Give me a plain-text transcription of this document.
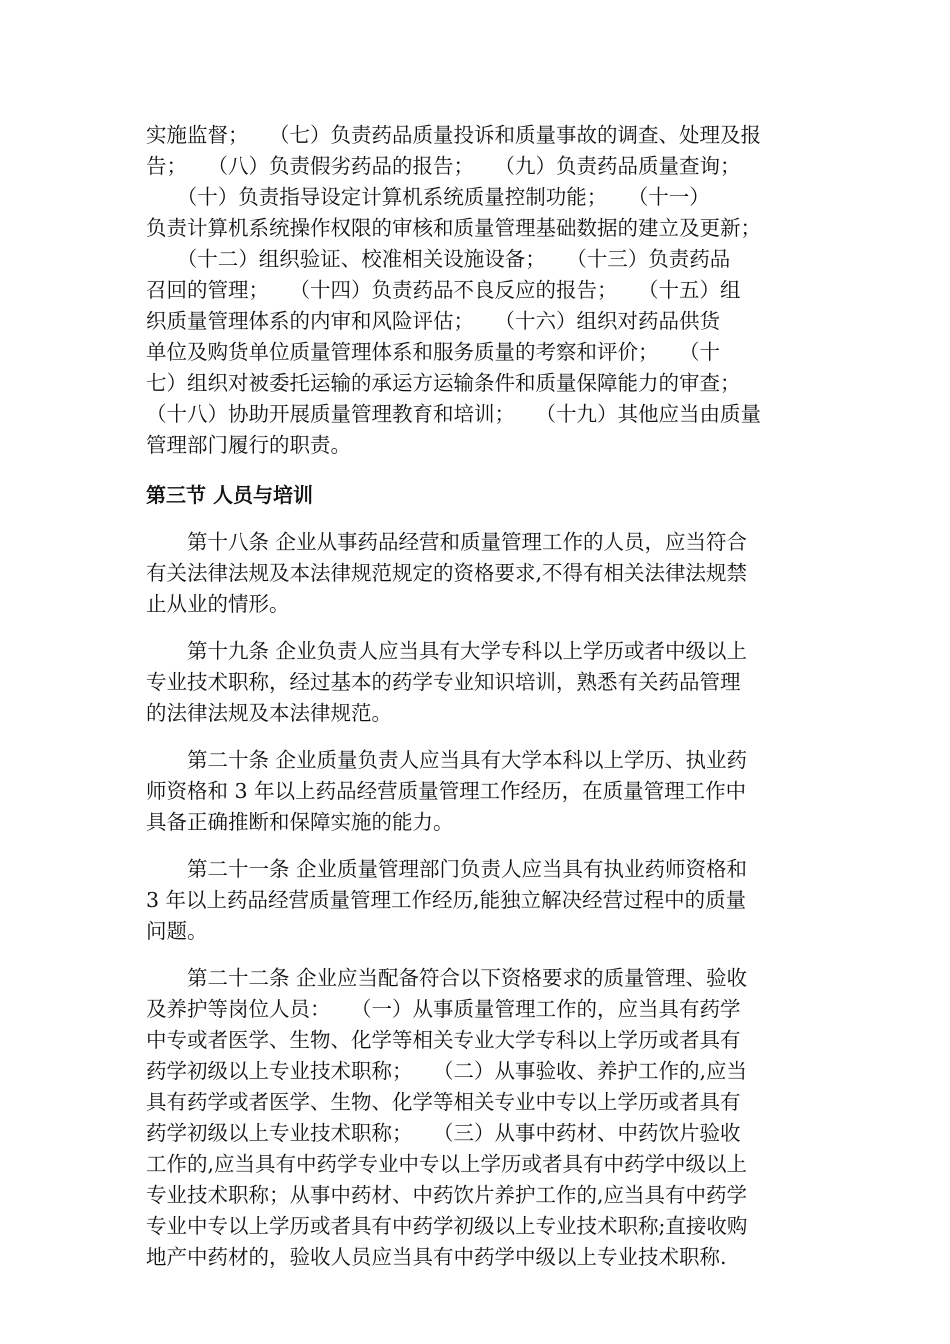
实施监督；　　（七）负责药品质量投诉和质量事故的调查、处理及报
告；　　（八）负责假劣药品的报告；　　（九）负责药品质量查询；
　　（十）负责指导设定计算机系统质量控制功能；　　（十一）
负责计算机系统操作权限的审核和质量管理基础数据的建立及更新；
　　（十二）组织验证、校准相关设施设备；　　（十三）负责药品
召回的管理；　　（十四）负责药品不良反应的报告；　　（十五）组
织质量管理体系的内审和风险评估；　　（十六）组织对药品供货
单位及购货单位质量管理体系和服务质量的考察和评价；　　（十
七）组织对被委托运输的承运方运输条件和质量保障能力的审查；
（十八）协助开展质量管理教育和培训；　　（十九）其他应当由质量
管理部门履行的职责。
第三节 人员与培训
　　第十八条 企业从事药品经营和质量管理工作的人员，应当符合
有关法律法规及本法律规范规定的资格要求,不得有相关法律法规禁
止从业的情形。
　　第十九条 企业负责人应当具有大学专科以上学历或者中级以上
专业技术职称，经过基本的药学专业知识培训，熟悉有关药品管理
的法律法规及本法律规范。
　　第二十条 企业质量负责人应当具有大学本科以上学历、执业药
师资格和 3 年以上药品经营质量管理工作经历，在质量管理工作中
具备正确推断和保障实施的能力。
　　第二十一条 企业质量管理部门负责人应当具有执业药师资格和
3 年以上药品经营质量管理工作经历,能独立解决经营过程中的质量
问题。
　　第二十二条 企业应当配备符合以下资格要求的质量管理、验收
及养护等岗位人员：　　（一）从事质量管理工作的，应当具有药学
中专或者医学、生物、化学等相关专业大学专科以上学历或者具有
药学初级以上专业技术职称；　　（二）从事验收、养护工作的,应当
具有药学或者医学、生物、化学等相关专业中专以上学历或者具有
药学初级以上专业技术职称；　　（三）从事中药材、中药饮片验收
工作的,应当具有中药学专业中专以上学历或者具有中药学中级以上
专业技术职称；从事中药材、中药饮片养护工作的,应当具有中药学
专业中专以上学历或者具有中药学初级以上专业技术职称;直接收购
地产中药材的，验收人员应当具有中药学中级以上专业技术职称.
